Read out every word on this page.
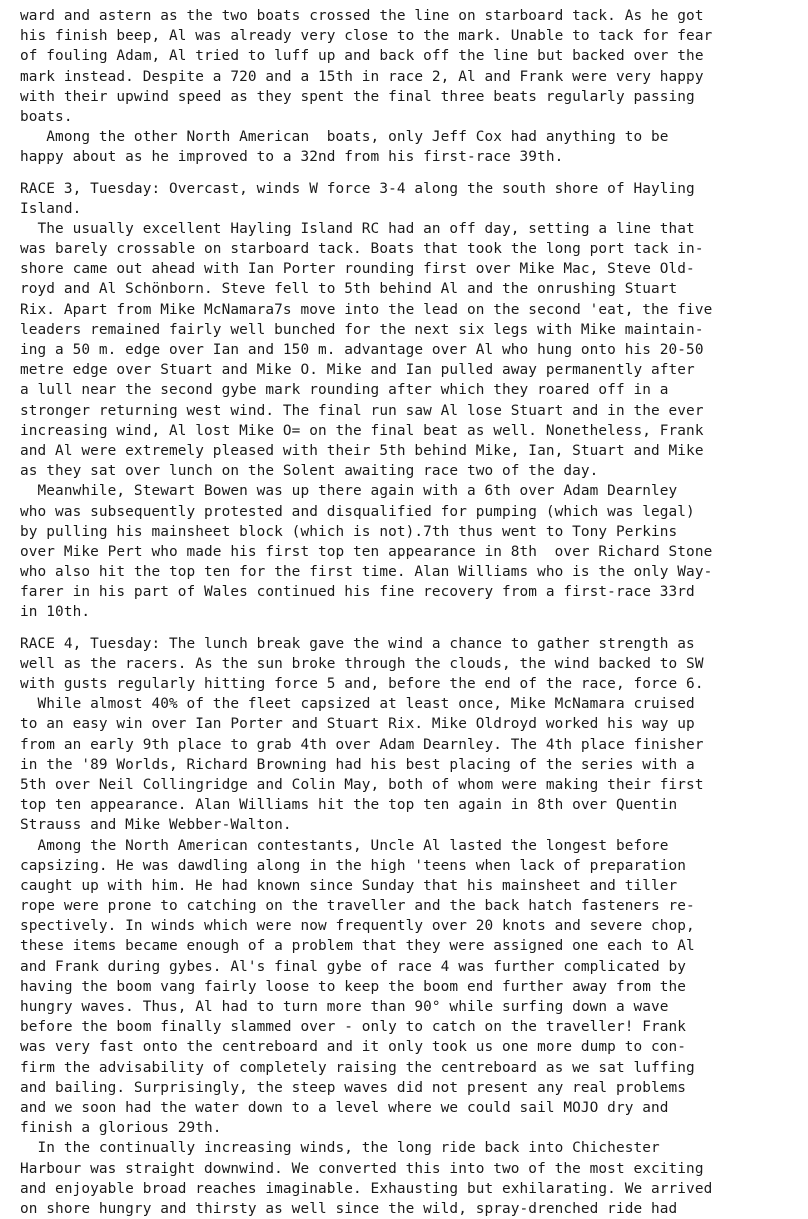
ward and astern as the two boats crossed the line on starboard tack. As he got
his finish beep, Al was already very close to the mark. Unable to tack for fear
of fouling Adam, Al tried to luff up and back off the line but backed over the
mark instead. Despite a 720 and a 15th in race 2, Al and Frank were very happy
with their upwind speed as they spent the final three beats regularly passing
boats.
Among the other North American  boats, only Jeff Cox had anything to be
happy about as he improved to a 32nd from his first-race 39th.
RACE 3, Tuesday: Overcast, winds W force 3-4 along the south shore of Hayling
Island.
The usually excellent Hayling Island RC had an off day, setting a line that
was barely crossable on starboard tack. Boats that took the long port tack in-
shore came out ahead with Ian Porter rounding first over Mike Mac, Steve Old-
royd and Al Schönborn. Steve fell to 5th behind Al and the onrushing Stuart
Rix. Apart from Mike McNamara7s move into the lead on the second 'eat, the five
leaders remained fairly well bunched for the next six legs with Mike maintain-
ing a 50 m. edge over Ian and 150 m. advantage over Al who hung onto his 20-50
metre edge over Stuart and Mike O. Mike and Ian pulled away permanently after
a lull near the second gybe mark rounding after which they roared off in a
stronger returning west wind. The final run saw Al lose Stuart and in the ever
increasing wind, Al lost Mike O= on the final beat as well. Nonetheless, Frank
and Al were extremely pleased with their 5th behind Mike, Ian, Stuart and Mike
as they sat over lunch on the Solent awaiting race two of the day.
Meanwhile, Stewart Bowen was up there again with a 6th over Adam Dearnley
who was subsequently protested and disqualified for pumping (which was legal)
by pulling his mainsheet block (which is not).7th thus went to Tony Perkins
over Mike Pert who made his first top ten appearance in 8th  over Richard Stone
who also hit the top ten for the first time. Alan Williams who is the only Way-
farer in his part of Wales continued his fine recovery from a first-race 33rd
in 10th.
RACE 4, Tuesday: The lunch break gave the wind a chance to gather strength as
well as the racers. As the sun broke through the clouds, the wind backed to SW
with gusts regularly hitting force 5 and, before the end of the race, force 6.
While almost 40% of the fleet capsized at least once, Mike McNamara cruised
to an easy win over Ian Porter and Stuart Rix. Mike Oldroyd worked his way up
from an early 9th place to grab 4th over Adam Dearnley. The 4th place finisher
in the '89 Worlds, Richard Browning had his best placing of the series with a
5th over Neil Collingridge and Colin May, both of whom were making their first
top ten appearance. Alan Williams hit the top ten again in 8th over Quentin
Strauss and Mike Webber-Walton.
Among the North American contestants, Uncle Al lasted the longest before
capsizing. He was dawdling along in the high 'teens when lack of preparation
caught up with him. He had known since Sunday that his mainsheet and tiller
rope were prone to catching on the traveller and the back hatch fasteners re-
spectively. In winds which were now frequently over 20 knots and severe chop,
these items became enough of a problem that they were assigned one each to Al
and Frank during gybes. Al's final gybe of race 4 was further complicated by
having the boom vang fairly loose to keep the boom end further away from the
hungry waves. Thus, Al had to turn more than 90° while surfing down a wave
before the boom finally slammed over - only to catch on the traveller! Frank
was very fast onto the centreboard and it only took us one more dump to con-
firm the advisability of completely raising the centreboard as we sat luffing
and bailing. Surprisingly, the steep waves did not present any real problems
and we soon had the water down to a level where we could sail MOJO dry and
finish a glorious 29th.
In the continually increasing winds, the long ride back into Chichester
Harbour was straight downwind. We converted this into two of the most exciting
and enjoyable broad reaches imaginable. Exhausting but exhilarating. We arrived
on shore hungry and thirsty as well since the wild, spray-drenched ride had
